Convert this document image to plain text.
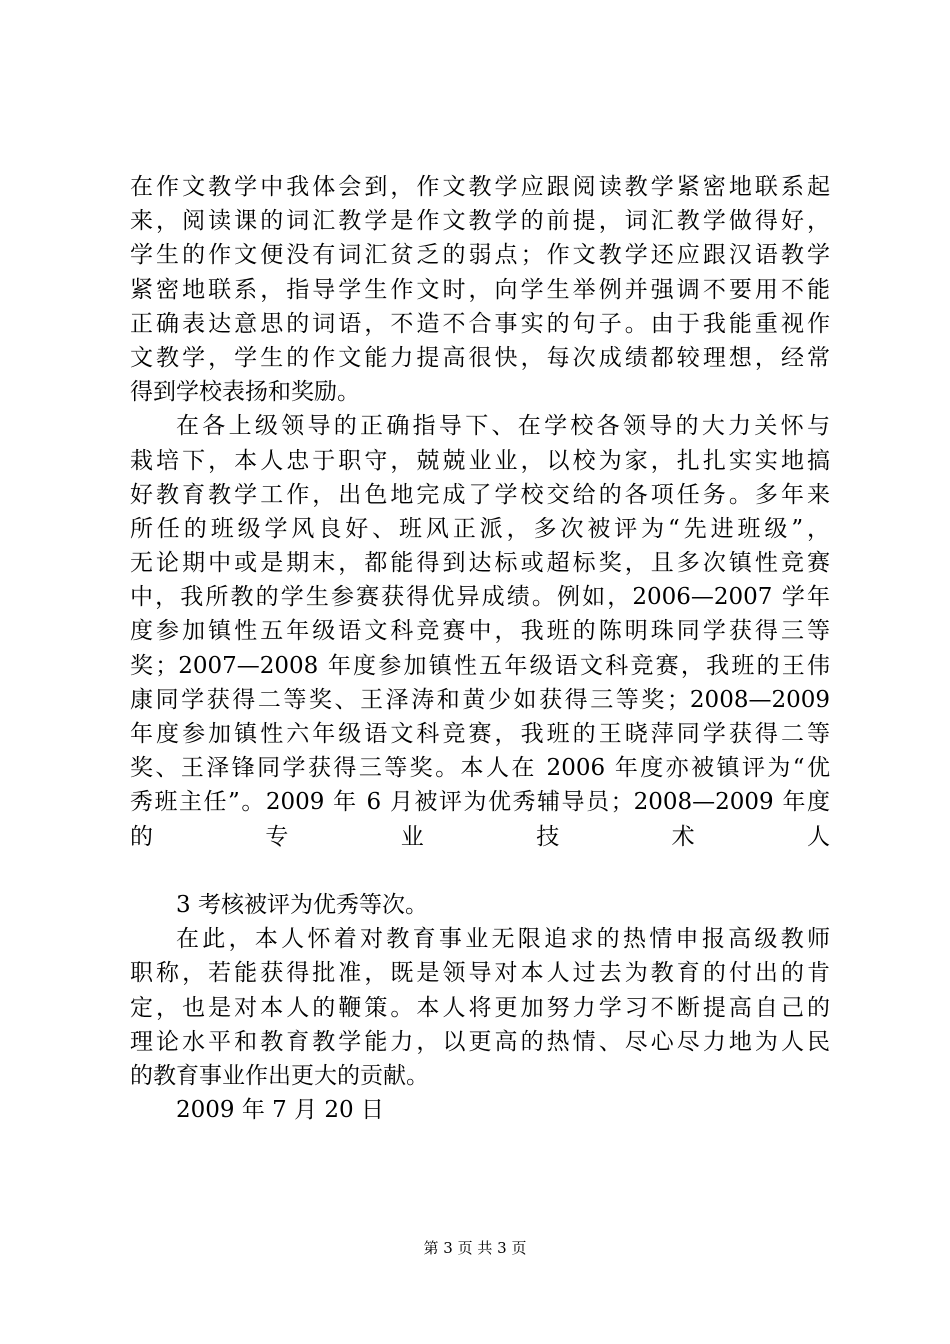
在作文教学中我体会到，作文教学应跟阅读教学紧密地联系起
来，阅读课的词汇教学是作文教学的前提，词汇教学做得好，
学生的作文便没有词汇贫乏的弱点；作文教学还应跟汉语教学
紧密地联系，指导学生作文时，向学生举例并强调不要用不能
正确表达意思的词语，不造不合事实的句子。由于我能重视作
文教学，学生的作文能力提高很快，每次成绩都较理想，经常
得到学校表扬和奖励。
在各上级领导的正确指导下、在学校各领导的大力关怀与
栽培下，本人忠于职守，兢兢业业，以校为家，扎扎实实地搞
好教育教学工作，出色地完成了学校交给的各项任务。多年来
所任的班级学风良好、班风正派，多次被评为“先进班级”，
无论期中或是期末，都能得到达标或超标奖，且多次镇性竞赛
中，我所教的学生参赛获得优异成绩。例如，2006—2007 学年
度参加镇性五年级语文科竞赛中，我班的陈明珠同学获得三等
奖；2007—2008 年度参加镇性五年级语文科竞赛，我班的王伟
康同学获得二等奖、王泽涛和黄少如获得三等奖；2008—2009
年度参加镇性六年级语文科竞赛，我班的王晓萍同学获得二等
奖、王泽锋同学获得三等奖。本人在 2006 年度亦被镇评为“优
秀班主任”。2009 年 6 月被评为优秀辅导员；2008—2009 年度
的专业技术人
3 考核被评为优秀等次。
在此，本人怀着对教育事业无限追求的热情申报高级教师
职称，若能获得批准，既是领导对本人过去为教育的付出的肯
定，也是对本人的鞭策。本人将更加努力学习不断提高自己的
理论水平和教育教学能力，以更高的热情、尽心尽力地为人民
的教育事业作出更大的贡献。
2009 年 7 月 20 日
第 3 页 共 3 页
